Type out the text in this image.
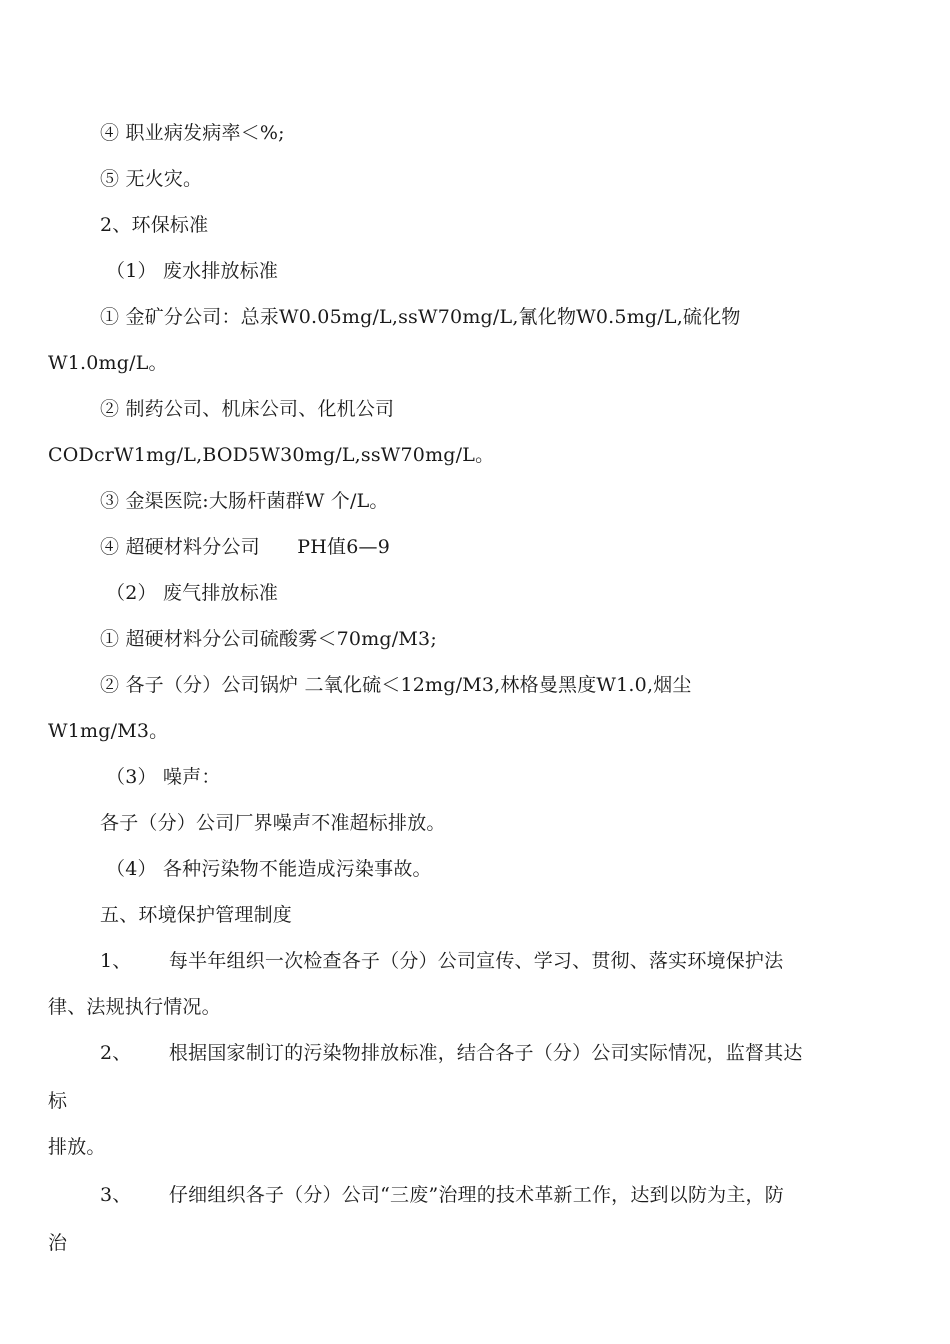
④ 职业病发病率＜%;
⑤ 无火灾。
2、环保标准
（1） 废水排放标准
① 金矿分公司：总汞W0.05mg/L,ssW70mg/L,氰化物W0.5mg/L,硫化物
W1.0mg/L。
② 制药公司、机床公司、化机公司
CODcrW1mg/L,BOD5W30mg/L,ssW70mg/L。
③ 金渠医院:大肠杆菌群W 个/L。
④ 超硬材料分公司      PH值6—9
（2） 废气排放标准
① 超硬材料分公司硫酸雾＜70mg/M3;
② 各子（分）公司锅炉 二氧化硫＜12mg/M3,林格曼黑度W1.0,烟尘
W1mg/M3。
（3） 噪声：
各子（分）公司厂界噪声不准超标排放。
（4） 各种污染物不能造成污染事故。
五、环境保护管理制度
1、      每半年组织一次检查各子（分）公司宣传、学习、贯彻、落实环境保护法
律、法规执行情况。
2、      根据国家制订的污染物排放标准，结合各子（分）公司实际情况，监督其达
标
排放。
3、      仔细组织各子（分）公司“三废”治理的技术革新工作，达到以防为主，防
治
